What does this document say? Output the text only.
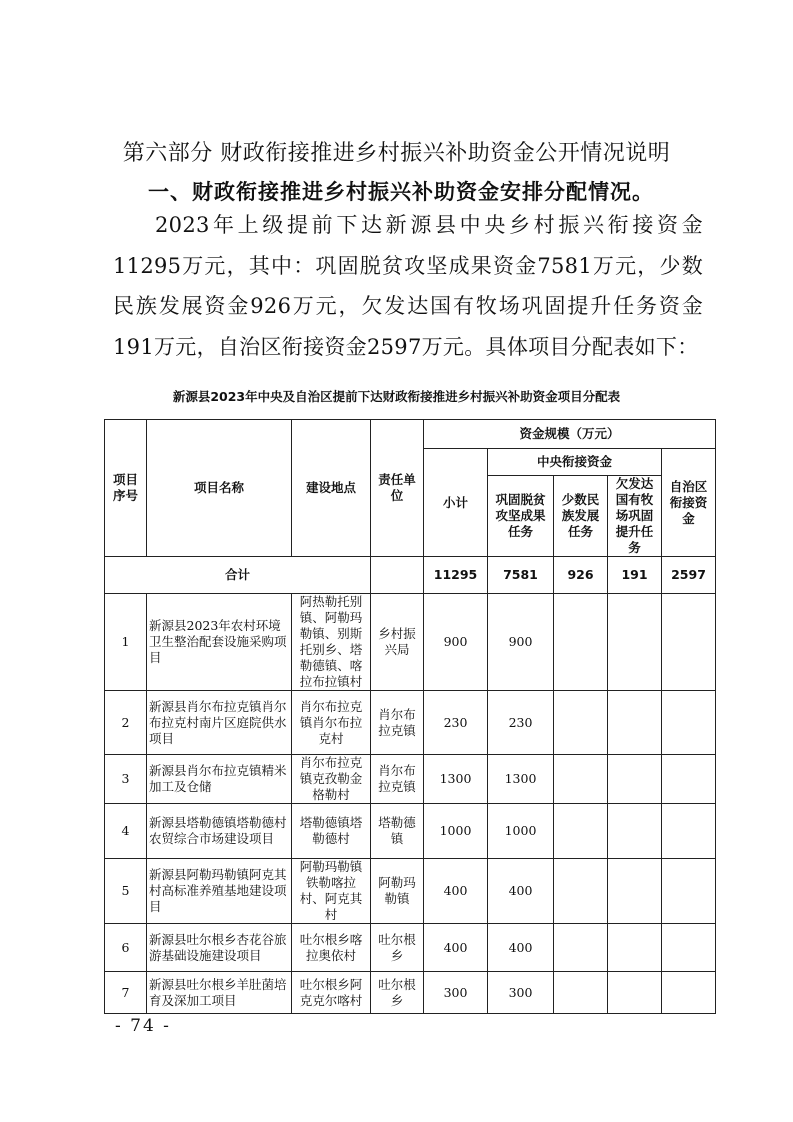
第六部分 财政衔接推进乡村振兴补助资金公开情况说明
一、财政衔接推进乡村振兴补助资金安排分配情况。
2023年上级提前下达新源县中央乡村振兴衔接资金11295万元，其中：巩固脱贫攻坚成果资金7581万元，少数民族发展资金926万元，欠发达国有牧场巩固提升任务资金191万元，自治区衔接资金2597万元。具体项目分配表如下：
新源县2023年中央及自治区提前下达财政衔接推进乡村振兴补助资金项目分配表
项目序号	项目名称	建设地点	责任单位	资金规模（万元）				
				小计	中央衔接资金			自治区衔接资金
					巩固脱贫攻坚成果任务	少数民族发展任务	欠发达国有牧场巩固提升任务	
合计				11295	7581	926	191	2597
1	新源县2023年农村环境卫生整治配套设施采购项目	阿热勒托别镇、阿勒玛勒镇、别斯托别乡、塔勒德镇、喀拉布拉镇村	乡村振兴局	900	900			
2	新源县肖尔布拉克镇肖尔布拉克村南片区庭院供水项目	肖尔布拉克镇肖尔布拉克村	肖尔布拉克镇	230	230			
3	新源县肖尔布拉克镇精米加工及仓储	肖尔布拉克镇克孜勒金格勒村	肖尔布拉克镇	1300	1300			
4	新源县塔勒德镇塔勒德村农贸综合市场建设项目	塔勒德镇塔勒德村	塔勒德镇	1000	1000			
5	新源县阿勒玛勒镇阿克其村高标准养殖基地建设项目	阿勒玛勒镇铁勒喀拉村、阿克其村	阿勒玛勒镇	400	400			
6	新源县吐尔根乡杏花谷旅游基础设施建设项目	吐尔根乡喀拉奥依村	吐尔根乡	400	400			
7	新源县吐尔根乡羊肚菌培育及深加工项目	吐尔根乡阿克克尔喀村	吐尔根乡	300	300			
- 74 -
